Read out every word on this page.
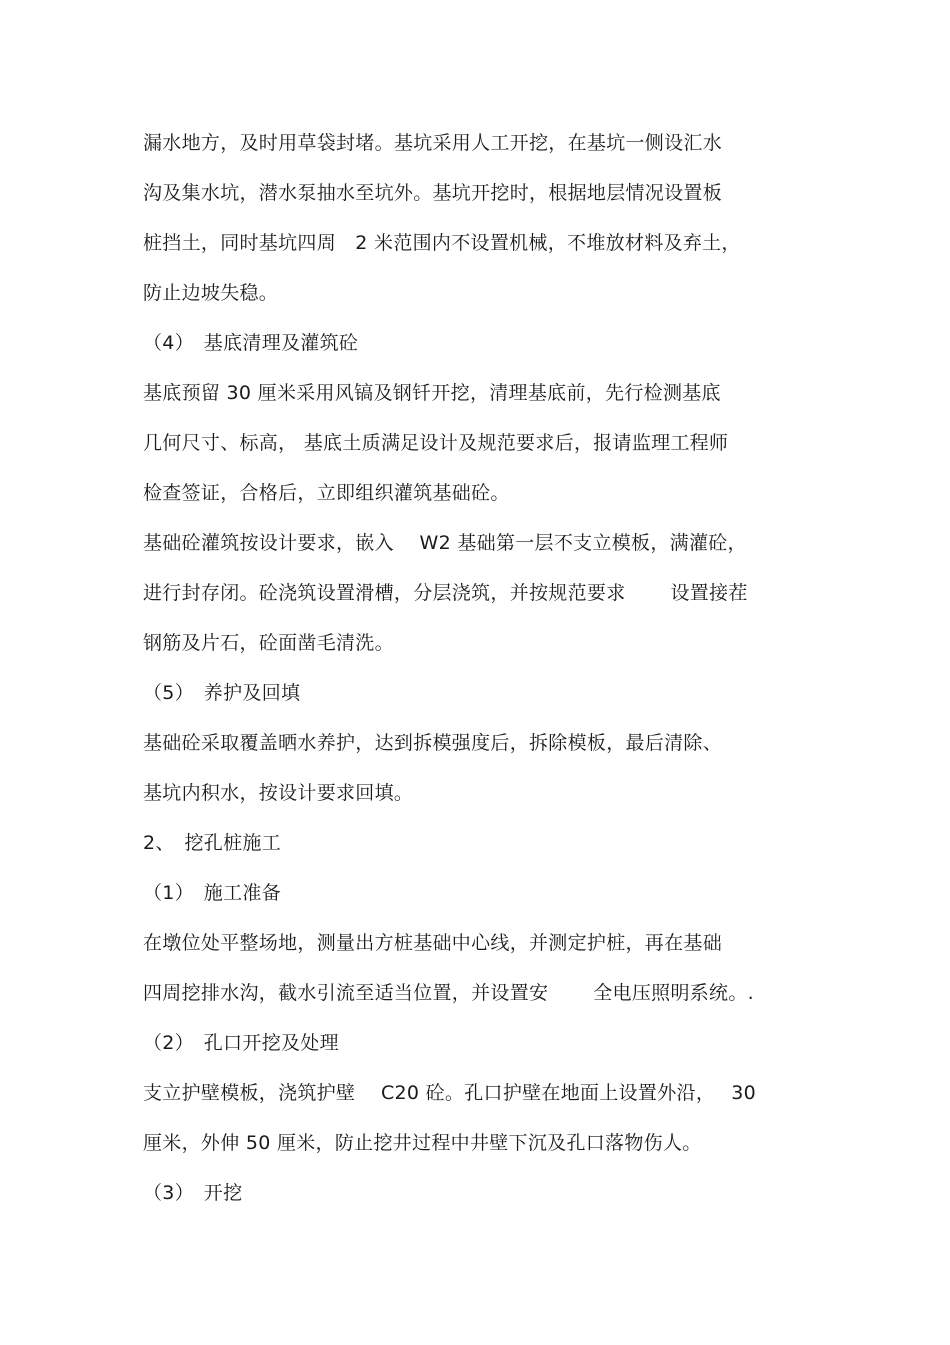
漏水地方，及时用草袋封堵。基坑采用人工开挖，在基坑一侧设汇水
沟及集水坑，潜水泵抽水至坑外。基坑开挖时，根据地层情况设置板
桩挡土，同时基坑四周　2 米范围内不设置机械，不堆放材料及弃土，
防止边坡失稳。
（4）　基底清理及灌筑砼
基底预留 30 厘米采用风镐及钢钎开挖，清理基底前，先行检测基底
几何尺寸、标高， 基底土质满足设计及规范要求后，报请监理工程师
检查签证，合格后，立即组织灌筑基础砼。
基础砼灌筑按设计要求，嵌入　 W2 基础第一层不支立模板，满灌砼，
进行封存闭。砼浇筑设置滑槽，分层浇筑，并按规范要求　　 设置接茬
钢筋及片石，砼面凿毛清洗。
（5）　养护及回填
基础砼采取覆盖晒水养护，达到拆模强度后，拆除模板，最后清除、
基坑内积水，按设计要求回填。
2、　挖孔桩施工
（1）　施工准备
在墩位处平整场地，测量出方桩基础中心线，并测定护桩，再在基础
四周挖排水沟，截水引流至适当位置，并设置安　　 全电压照明系统。.
（2）　孔口开挖及处理
支立护壁模板，浇筑护壁　 C20 砼。孔口护壁在地面上设置外沿，　 30
厘米，外伸 50 厘米，防止挖井过程中井壁下沉及孔口落物伤人。
（3）　开挖
